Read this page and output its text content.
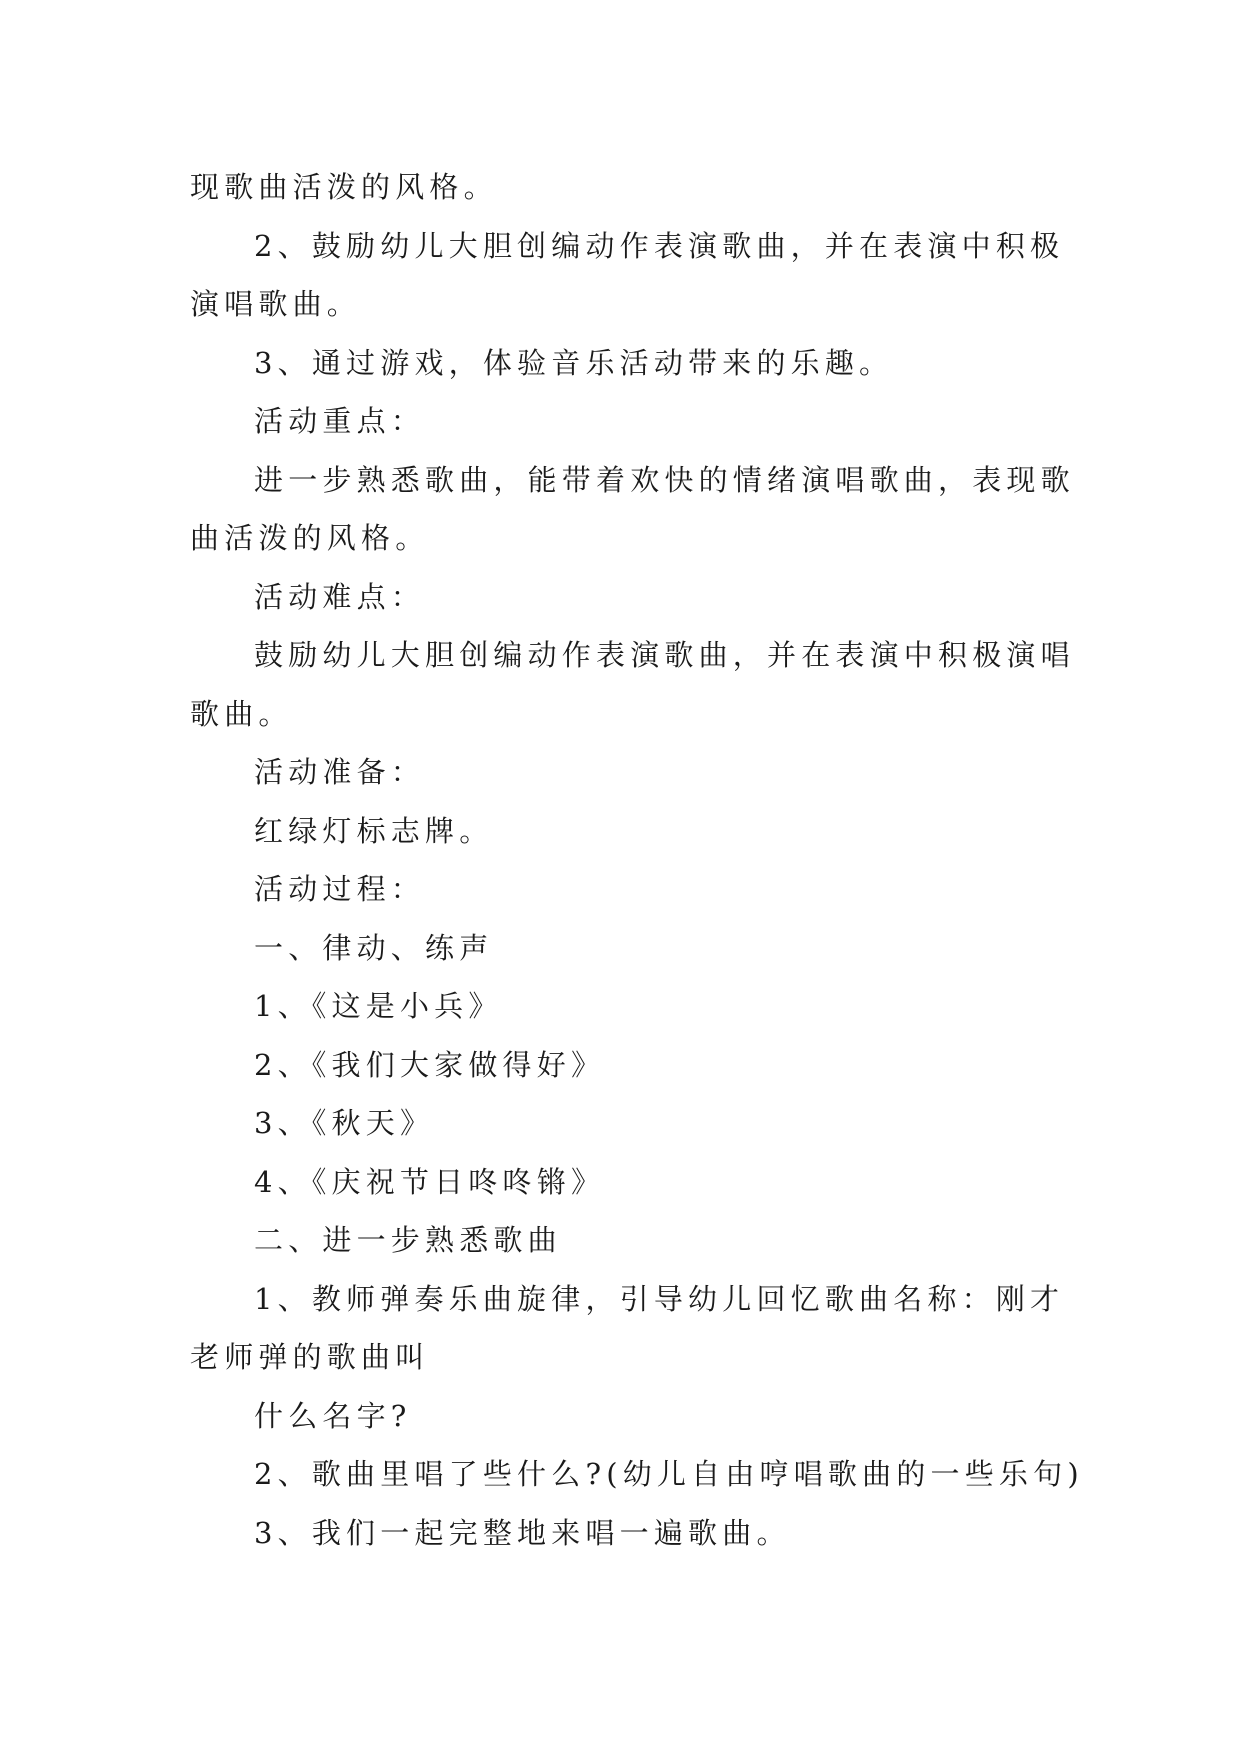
现歌曲活泼的风格。

2、鼓励幼儿大胆创编动作表演歌曲，并在表演中积极

演唱歌曲。

3、通过游戏，体验音乐活动带来的乐趣。

活动重点：

进一步熟悉歌曲，能带着欢快的情绪演唱歌曲，表现歌

曲活泼的风格。

活动难点：

鼓励幼儿大胆创编动作表演歌曲，并在表演中积极演唱

歌曲。

活动准备：

红绿灯标志牌。

活动过程：

一、律动、练声

1、《这是小兵》

2、《我们大家做得好》

3、《秋天》

4、《庆祝节日咚咚锵》

二、进一步熟悉歌曲

1、教师弹奏乐曲旋律，引导幼儿回忆歌曲名称：刚才

老师弹的歌曲叫

什么名字?

2、歌曲里唱了些什么?(幼儿自由哼唱歌曲的一些乐句)

3、我们一起完整地来唱一遍歌曲。
